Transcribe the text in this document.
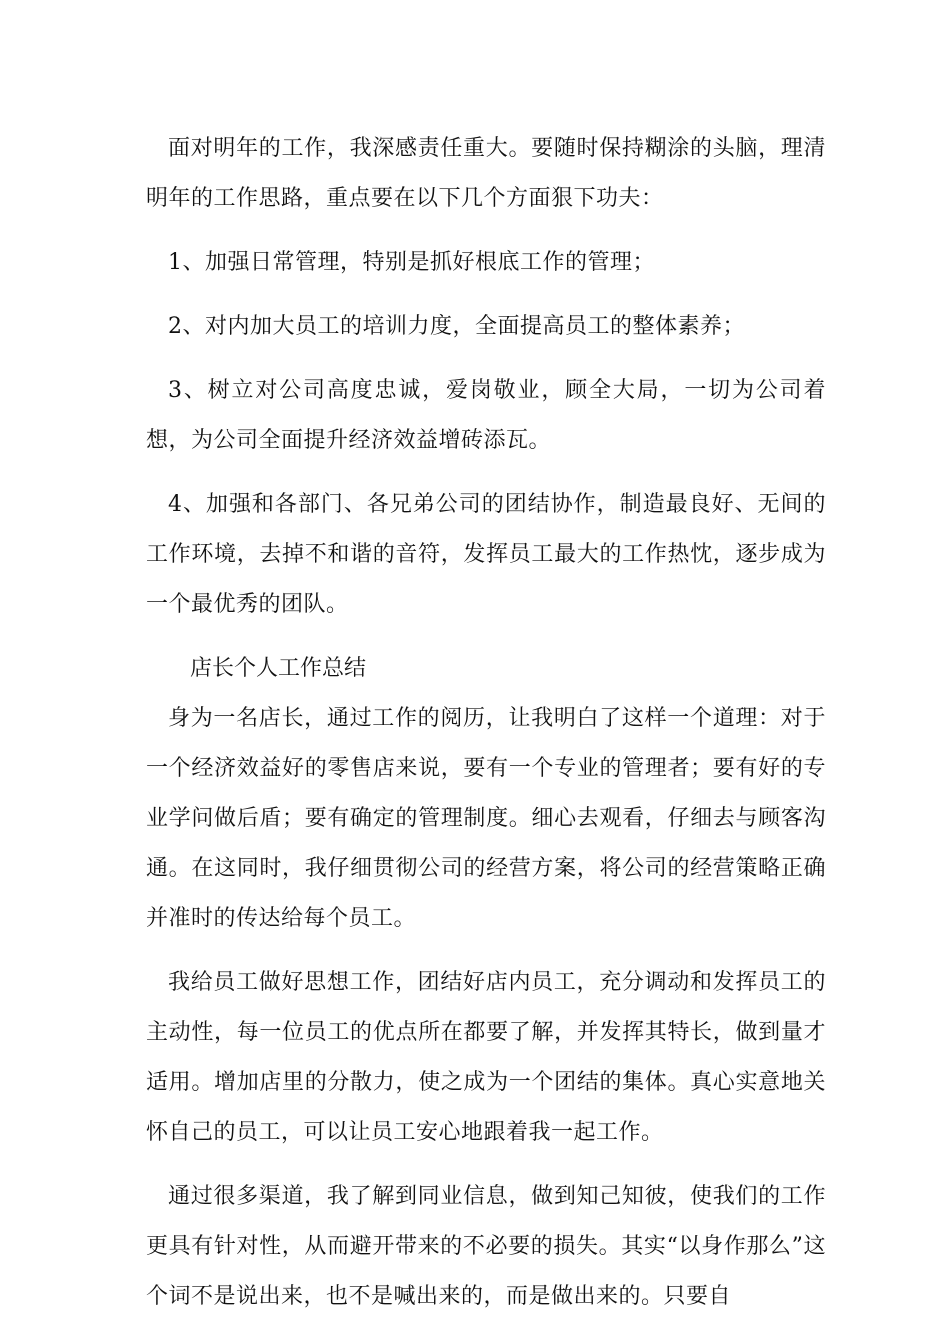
面对明年的工作，我深感责任重大。要随时保持糊涂的头脑，理清明年的工作思路，重点要在以下几个方面狠下功夫：

1、加强日常管理，特别是抓好根底工作的管理；

2、对内加大员工的培训力度，全面提高员工的整体素养；

3、树立对公司高度忠诚，爱岗敬业，顾全大局，一切为公司着想，为公司全面提升经济效益增砖添瓦。

4、加强和各部门、各兄弟公司的团结协作，制造最良好、无间的工作环境，去掉不和谐的音符，发挥员工最大的工作热忱，逐步成为一个最优秀的团队。

店长个人工作总结

身为一名店长，通过工作的阅历，让我明白了这样一个道理：对于一个经济效益好的零售店来说，要有一个专业的管理者；要有好的专业学问做后盾；要有确定的管理制度。细心去观看，仔细去与顾客沟通。在这同时，我仔细贯彻公司的经营方案，将公司的经营策略正确并准时的传达给每个员工。

我给员工做好思想工作，团结好店内员工，充分调动和发挥员工的主动性，每一位员工的优点所在都要了解，并发挥其特长，做到量才适用。增加店里的分散力，使之成为一个团结的集体。真心实意地关怀自己的员工，可以让员工安心地跟着我一起工作。

通过很多渠道，我了解到同业信息，做到知己知彼，使我们的工作更具有针对性，从而避开带来的不必要的损失。其实“以身作那么”这个词不是说出来，也不是喊出来的，而是做出来的。只要自
